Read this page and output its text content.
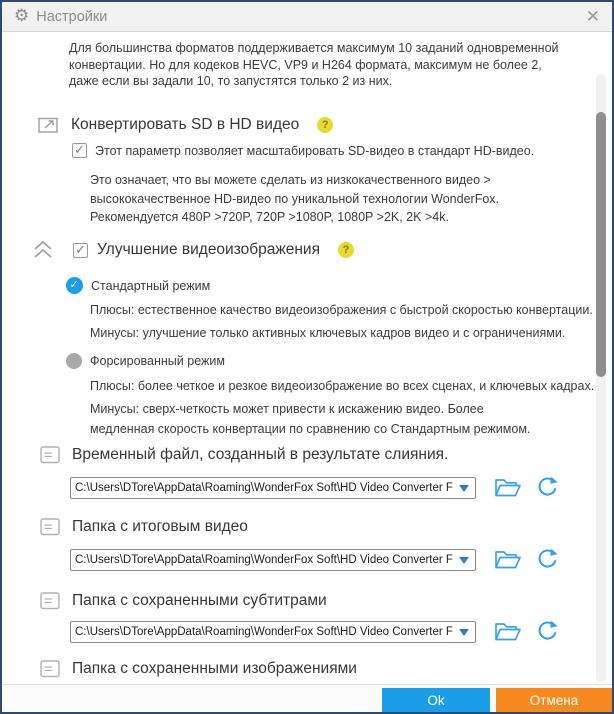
⚙
Настройки
✕
Для большинства форматов поддерживается максимум 10 заданий одновременной конвертации. Но для кодеков HEVC, VP9 и H264 формата, максимум не более 2, даже если вы задали 10, то запустятся только 2 из них.
Конвертировать SD в HD видео	?
✓
Этот параметр позволяет масштабировать SD-видео в стандарт HD-видео.
Это означает, что вы можете сделать из низкокачественного видео > высококачественное HD-видео по уникальной технологии WonderFox. Рекомендуется 480P >720P, 720P >1080P, 1080P >2K, 2K >4k.
✓
Улучшение видеоизображения	?
✓
Стандартный режим
Плюсы: естественное качество видеоизображения с быстрой скоростью конвертации.
Минусы: улучшение только активных ключевых кадров видео и с ограничениями.
Форсированный режим
Плюсы: более четкое и резкое видеоизображение во всех сценах, и ключевых кадрах.
Минусы: сверх-четкость может привести к искажению видео. Более медленная скорость конвертации по сравнению со Стандартным режимом.
Временный файл, созданный в результате слияния.
C:\Users\DTore\AppData\Roaming\WonderFox Soft\HD Video Converter Fact
Папка с итоговым видео
C:\Users\DTore\AppData\Roaming\WonderFox Soft\HD Video Converter Fact
Папка с сохраненными субтитрами
C:\Users\DTore\AppData\Roaming\WonderFox Soft\HD Video Converter Fact
Папка с сохраненными изображениями
Ok	Отмена
